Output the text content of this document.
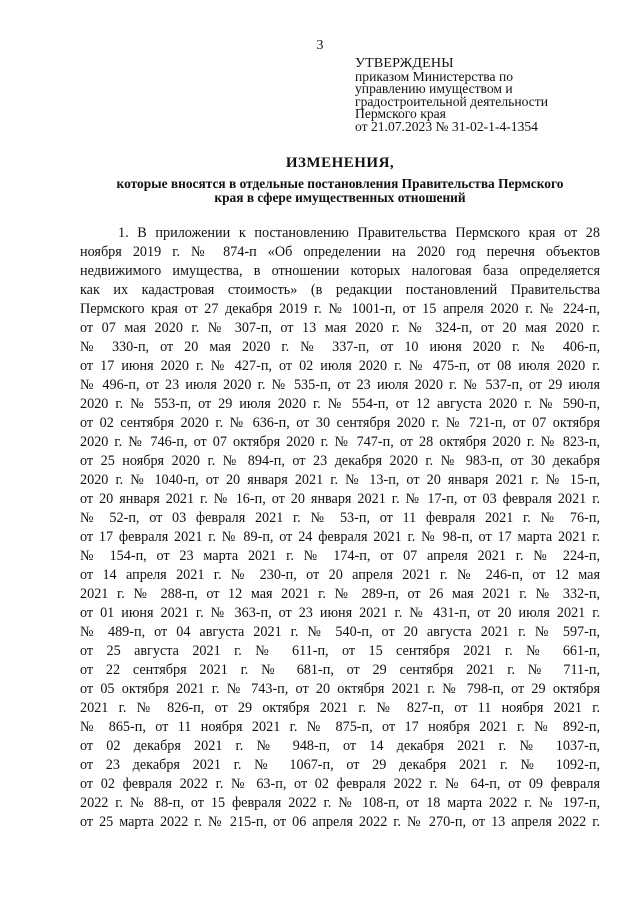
3
УТВЕРЖДЕНЫ
приказом Министерства по
управлению имуществом и
градостроительной деятельности
Пермского края
от 21.07.2023 № 31-02-1-4-1354
ИЗМЕНЕНИЯ,
которые вносятся в отдельные постановления Правительства Пермского
края в сфере имущественных отношений
1. В приложении к постановлению Правительства Пермского края от 28
ноября 2019 г. № 874-п «Об определении на 2020 год перечня объектов
недвижимого имущества, в отношении которых налоговая база определяется
как их кадастровая стоимость» (в редакции постановлений Правительства
Пермского края от 27 декабря 2019 г. № 1001-п, от 15 апреля 2020 г. № 224-п,
от 07 мая 2020 г. № 307-п, от 13 мая 2020 г. № 324-п, от 20 мая 2020 г.
№ 330-п, от 20 мая 2020 г. № 337-п, от 10 июня 2020 г. № 406-п,
от 17 июня 2020 г. № 427-п, от 02 июля 2020 г. № 475-п, от 08 июля 2020 г.
№ 496-п, от 23 июля 2020 г. № 535-п, от 23 июля 2020 г. № 537-п, от 29 июля
2020 г. № 553-п, от 29 июля 2020 г. № 554-п, от 12 августа 2020 г. № 590-п,
от 02 сентября 2020 г. № 636-п, от 30 сентября 2020 г. № 721-п, от 07 октября
2020 г. № 746-п, от 07 октября 2020 г. № 747-п, от 28 октября 2020 г. № 823-п,
от 25 ноября 2020 г. № 894-п, от 23 декабря 2020 г. № 983-п, от 30 декабря
2020 г. № 1040-п, от 20 января 2021 г. № 13-п, от 20 января 2021 г. № 15-п,
от 20 января 2021 г. № 16-п, от 20 января 2021 г. № 17-п, от 03 февраля 2021 г.
№ 52-п, от 03 февраля 2021 г. № 53-п, от 11 февраля 2021 г. № 76-п,
от 17 февраля 2021 г. № 89-п, от 24 февраля 2021 г. № 98-п, от 17 марта 2021 г.
№ 154-п, от 23 марта 2021 г. № 174-п, от 07 апреля 2021 г. № 224-п,
от 14 апреля 2021 г. № 230-п, от 20 апреля 2021 г. № 246-п, от 12 мая
2021 г. № 288-п, от 12 мая 2021 г. № 289-п, от 26 мая 2021 г. № 332-п,
от 01 июня 2021 г. № 363-п, от 23 июня 2021 г. № 431-п, от 20 июля 2021 г.
№ 489-п, от 04 августа 2021 г. № 540-п, от 20 августа 2021 г. № 597-п,
от 25 августа 2021 г. № 611-п, от 15 сентября 2021 г. № 661-п,
от 22 сентября 2021 г. № 681-п, от 29 сентября 2021 г. № 711-п,
от 05 октября 2021 г. № 743-п, от 20 октября 2021 г. № 798-п, от 29 октября
2021 г. № 826-п, от 29 октября 2021 г. № 827-п, от 11 ноября 2021 г.
№ 865-п, от 11 ноября 2021 г. № 875-п, от 17 ноября 2021 г. № 892-п,
от 02 декабря 2021 г. № 948-п, от 14 декабря 2021 г. № 1037-п,
от 23 декабря 2021 г. № 1067-п, от 29 декабря 2021 г. № 1092-п,
от 02 февраля 2022 г. № 63-п, от 02 февраля 2022 г. № 64-п, от 09 февраля
2022 г. № 88-п, от 15 февраля 2022 г. № 108-п, от 18 марта 2022 г. № 197-п,
от 25 марта 2022 г. № 215-п, от 06 апреля 2022 г. № 270-п, от 13 апреля 2022 г.
